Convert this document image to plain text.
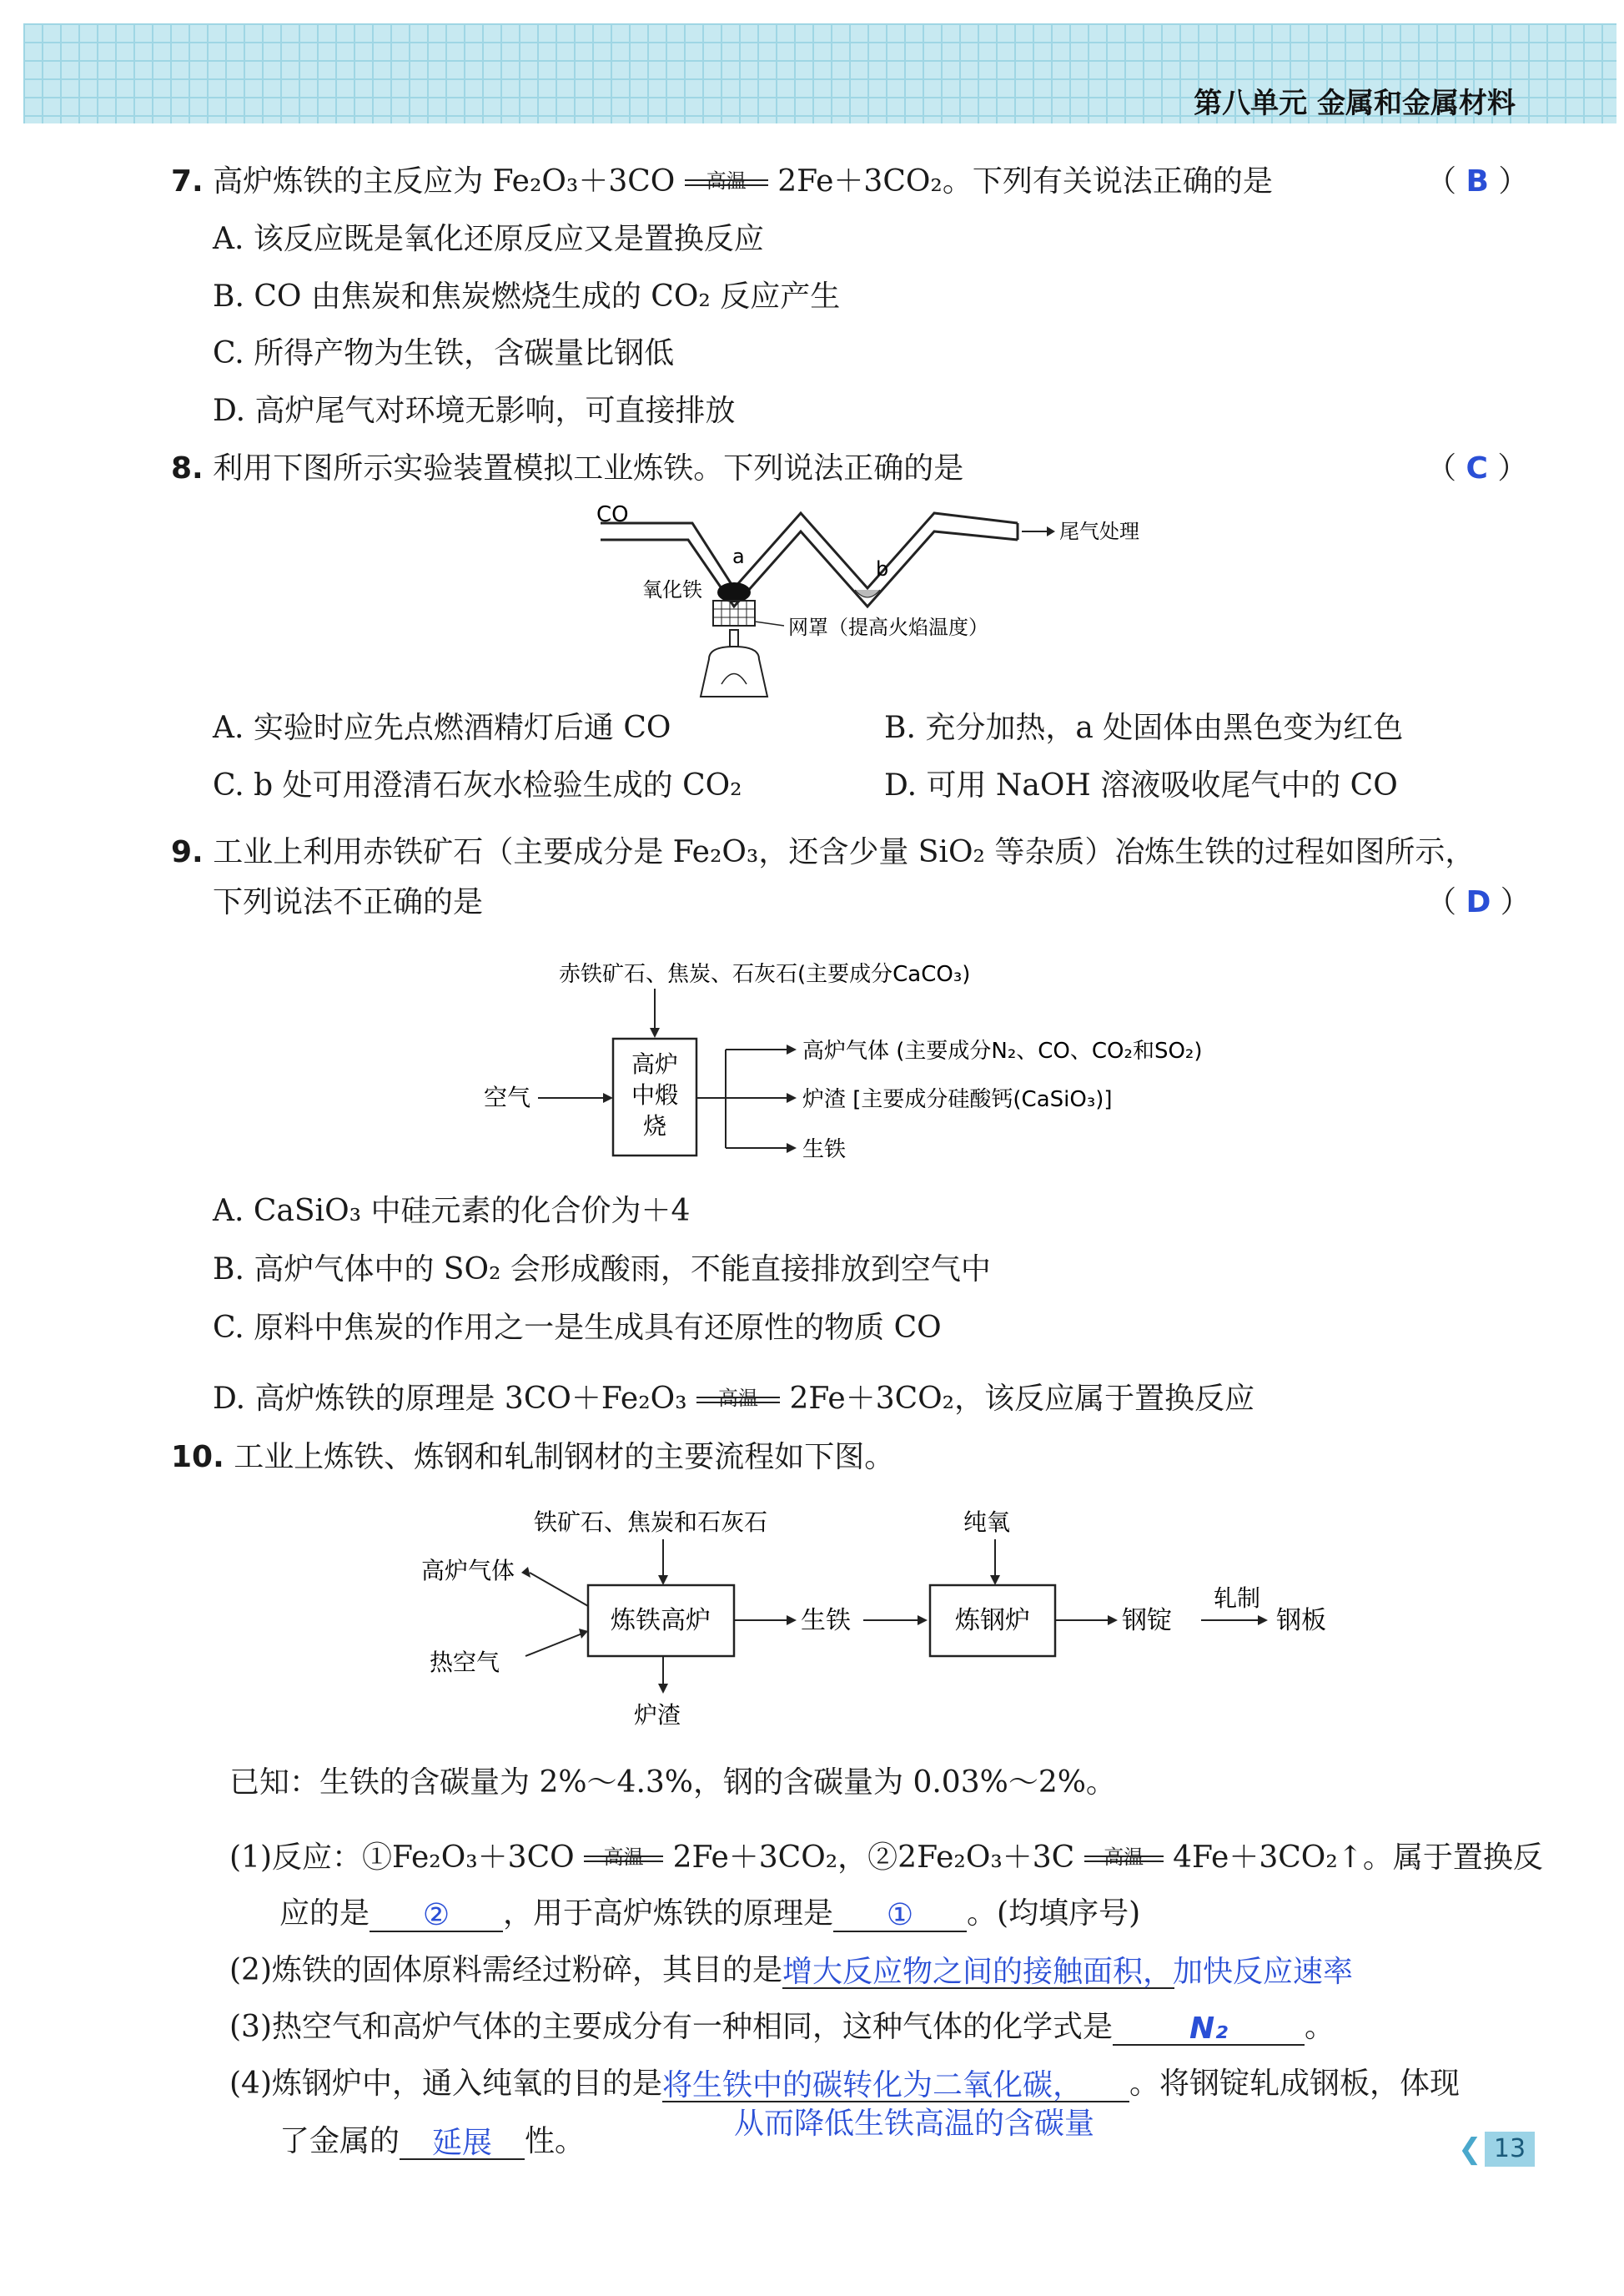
第八单元 金属和金属材料
7. 高炉炼铁的主反应为 Fe₂O₃＋3CO	高温	2Fe＋3CO₂。下列有关说法正确的是	（ B ）
A. 该反应既是氧化还原反应又是置换反应
B. CO 由焦炭和焦炭燃烧生成的 CO₂ 反应产生
C. 所得产物为生铁，含碳量比钢低
D. 高炉尾气对环境无影响，可直接排放
8. 利用下图所示实验装置模拟工业炼铁。下列说法正确的是	（ C ）
CO
尾气处理
a
b
氧化铁
网罩（提高火焰温度）
A. 实验时应先点燃酒精灯后通 CO	B. 充分加热，a 处固体由黑色变为红色
C. b 处可用澄清石灰水检验生成的 CO₂	D. 可用 NaOH 溶液吸收尾气中的 CO
9. 工业上利用赤铁矿石（主要成分是 Fe₂O₃，还含少量 SiO₂ 等杂质）冶炼生铁的过程如图所示，
下列说法不正确的是	（ D ）
赤铁矿石、焦炭、石灰石(主要成分CaCO₃)
高炉
中煅
烧
空气
高炉气体 (主要成分N₂、CO、CO₂和SO₂)
炉渣 [主要成分硅酸钙(CaSiO₃)]
生铁
A. CaSiO₃ 中硅元素的化合价为＋4
B. 高炉气体中的 SO₂ 会形成酸雨，不能直接排放到空气中
C. 原料中焦炭的作用之一是生成具有还原性的物质 CO
D. 高炉炼铁的原理是 3CO＋Fe₂O₃	高温	2Fe＋3CO₂，该反应属于置换反应
10. 工业上炼铁、炼钢和轧制钢材的主要流程如下图。
铁矿石、焦炭和石灰石	纯氧
炼铁高炉	炼钢炉
高炉气体
热空气
生铁	钢锭
轧制
钢板
炉渣
已知：生铁的含碳量为 2%～4.3%，钢的含碳量为 0.03%～2%。
(1)反应：①Fe₂O₃＋3CO	高温 2Fe＋3CO₂，②2Fe₂O₃＋3C	高温 4Fe＋3CO₂↑。属于置换反
应的是 ② ，用于高炉炼铁的原理是 ① 。(均填序号)
(2)炼铁的固体原料需经过粉碎，其目的是增大反应物之间的接触面积，加快反应速率
(3)热空气和高炉气体的主要成分有一种相同，这种气体的化学式是	N₂	。
(4)炼钢炉中，通入纯氧的目的是将生铁中的碳转化为二氧化碳， 。将钢锭轧成钢板，体现
从而降低生铁高温的含碳量
了金属的 延展 性。	❮ 13
